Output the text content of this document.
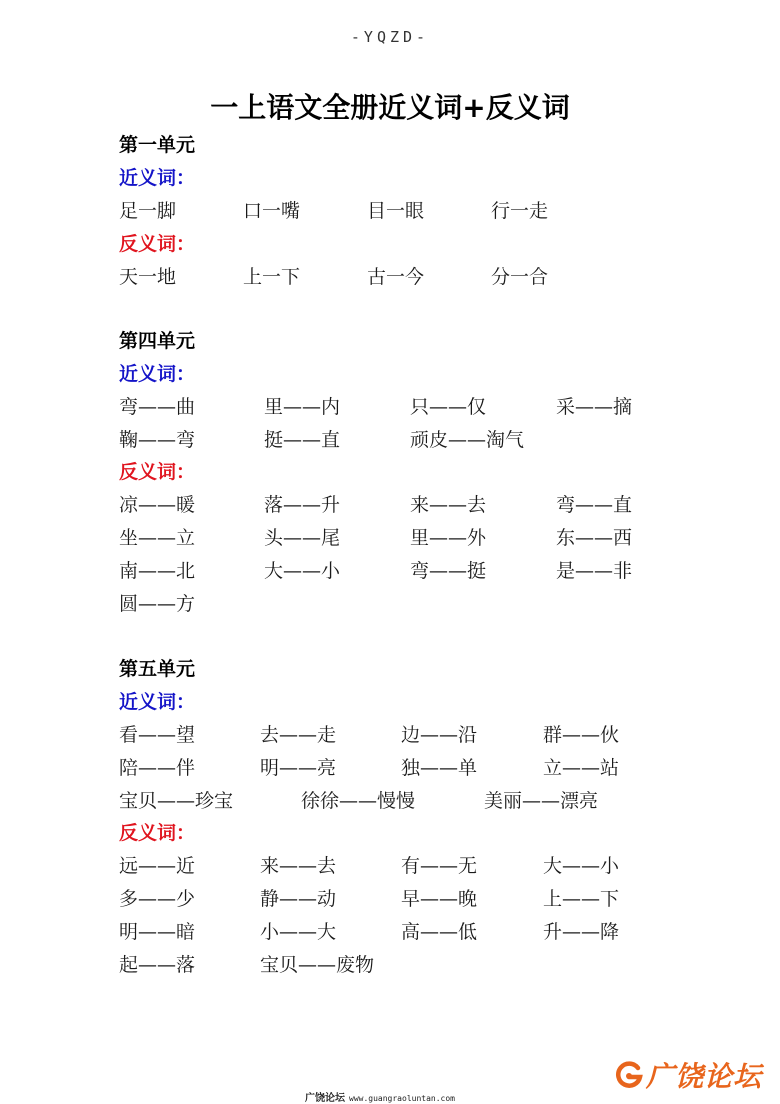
-YQZD-
一上语文全册近义词+反义词
第一单元
近义词：
足一脚	口一嘴	目一眼	行一走
反义词：
天一地	上一下	古一今	分一合
第四单元
近义词：
弯——曲	里——内	只——仅	采——摘
鞠——弯	挺——直	顽皮——淘气
反义词：
凉——暖	落——升	来——去	弯——直
坐——立	头——尾	里——外	东——西
南——北	大——小	弯——挺	是——非
圆——方
第五单元
近义词：
看——望	去——走	边——沿	群——伙
陪——伴	明——亮	独——单	立——站
宝贝——珍宝	徐徐——慢慢	美丽——漂亮
反义词：
远——近	来——去	有——无	大——小
多——少	静——动	早——晚	上——下
明——暗	小——大	高——低	升——降
起——落	宝贝——废物
广饶论坛 www.guangraoluntan.com
广饶论坛
